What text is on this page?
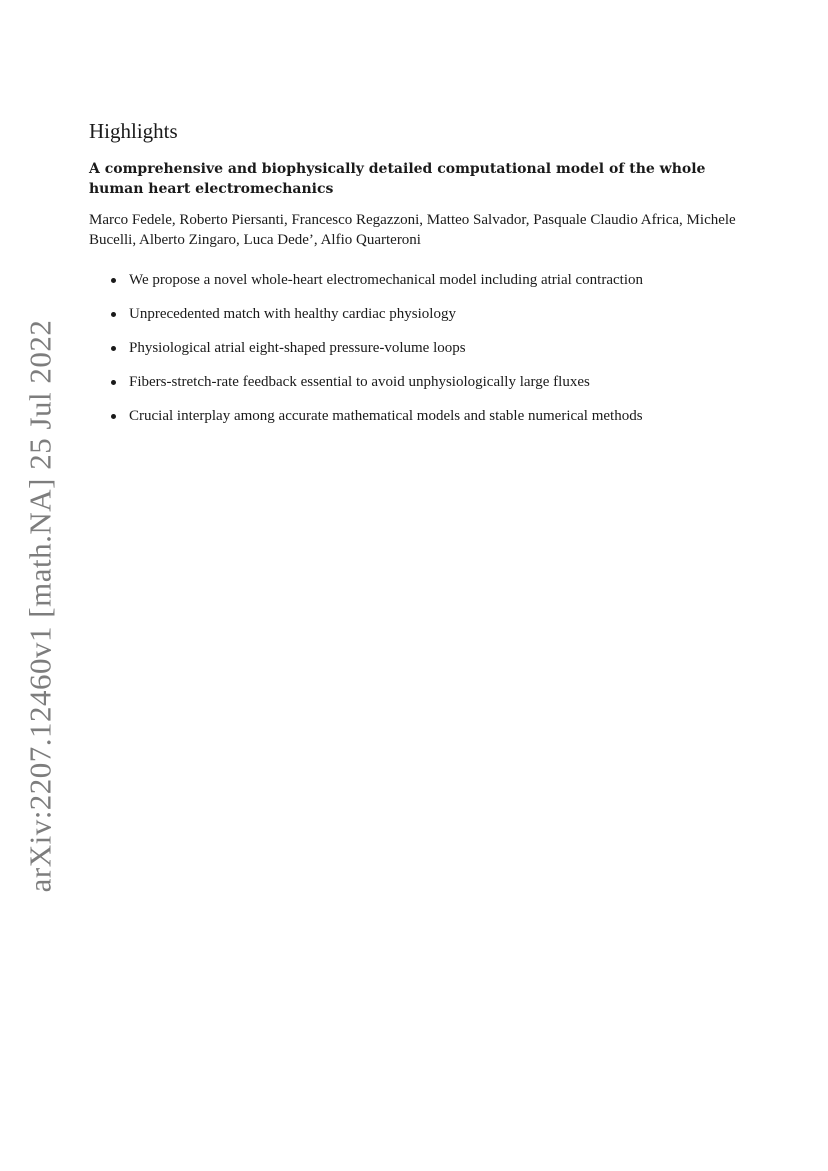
arXiv:2207.12460v1 [math.NA] 25 Jul 2022
Highlights
A comprehensive and biophysically detailed computational model of the whole human heart electromechanics
Marco Fedele, Roberto Piersanti, Francesco Regazzoni, Matteo Salvador, Pasquale Claudio Africa, Michele Bucelli, Alberto Zingaro, Luca Dede’, Alfio Quarteroni
We propose a novel whole-heart electromechanical model including atrial contraction
Unprecedented match with healthy cardiac physiology
Physiological atrial eight-shaped pressure-volume loops
Fibers-stretch-rate feedback essential to avoid unphysiologically large fluxes
Crucial interplay among accurate mathematical models and stable numerical methods
